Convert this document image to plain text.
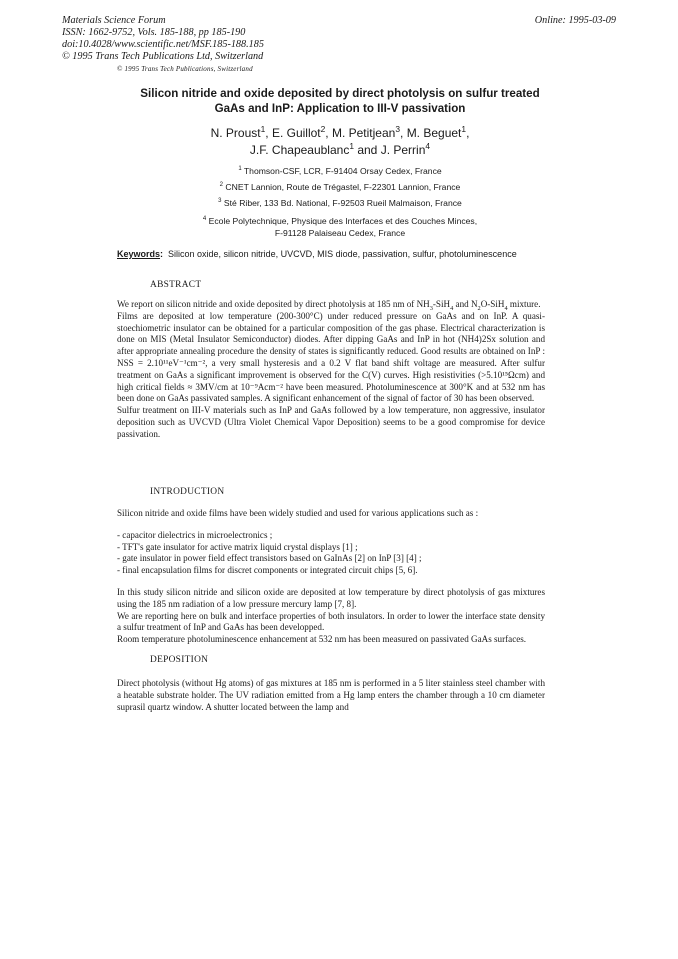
Materials Science Forum
ISSN: 1662-9752, Vols. 185-188, pp 185-190
doi:10.4028/www.scientific.net/MSF.185-188.185
© 1995 Trans Tech Publications Ltd, Switzerland
© 1995 Trans Tech Publications, Switzerland
Online: 1995-03-09
Silicon nitride and oxide deposited by direct photolysis on sulfur treated
GaAs and InP: Application to III-V passivation
N. Proust$^1$, E. Guillot$^2$, M. Petitjean$^3$, M. Beguet$^1$,
J.F. Chapeaublanc$^1$ and J. Perrin$^4$
$^1$ Thomson-CSF, LCR, F-91404 Orsay Cedex, France
$^2$ CNET Lannion, Route de Trégastel, F-22301 Lannion, France
$^3$ Sté Riber, 133 Bd. National, F-92503 Rueil Malmaison, France
$^4$ Ecole Polytechnique, Physique des Interfaces et des Couches Minces,
F-91128 Palaiseau Cedex, France
Keywords: Silicon oxide, silicon nitride, UVCVD, MIS diode, passivation, sulfur, photoluminescence
ABSTRACT

We report on silicon nitride and oxide deposited by direct photolysis at 185 nm of $NH_3-SiH_4$ and $N_2O-SiH_4$ mixture.

Films are deposited at low temperature (200-300°C) under reduced pressure on GaAs and on InP. A quasi-stoechiometric insulator can be obtained for a particular composition of the gas phase. Electrical characterization is done on MIS (Metal Insulator Semiconductor) diodes. After dipping GaAs and InP in hot (NH4)2Sx solution and after appropriate annealing procedure the density of states is significantly reduced. Good results are obtained on InP : NSS = 2.10¹¹eV⁻¹cm⁻², a very small hysteresis and a 0.2 V flat band shift voltage are measured. After sulfur treatment on GaAs a significant improvement is observed for the C(V) curves. High resistivities (>5.10¹⁵Ωcm) and high critical fields ≈ 3MV/cm at 10⁻⁹Acm⁻² have been measured. Photoluminescence at 300°K and at 532 nm has been done on GaAs passivated samples. A significant enhancement of the signal of factor of 30 has been observed.

Sulfur treatment on III-V materials such as InP and GaAs followed by a low temperature, non aggressive, insulator deposition such as UVCVD (Ultra Violet Chemical Vapor Deposition) seems to be a good compromise for device passivation.

INTRODUCTION

Silicon nitride and oxide films have been widely studied and used for various applications such as :

- capacitor dielectrics in microelectronics ;
- TFT's gate insulator for active matrix liquid crystal displays [1] ;
- gate insulator in power field effect transistors based on GaInAs [2] on InP [3] [4] ;
- final encapsulation films for discret components or integrated circuit chips [5, 6].

In this study silicon nitride and silicon oxide are deposited at low temperature by direct photolysis of gas mixtures using the 185 nm radiation of a low pressure mercury lamp [7, 8].

We are reporting here on bulk and interface properties of both insulators. In order to lower the interface state density a sulfur treatment of InP and GaAs has been developped.

Room temperature photoluminescence enhancement at 532 nm has been measured on passivated GaAs surfaces.

DEPOSITION

Direct photolysis (without Hg atoms) of gas mixtures at 185 nm is performed in a 5 liter stainless steel chamber with a heatable substrate holder. The UV radiation emitted from a Hg lamp enters the chamber through a 10 cm diameter suprasil quartz window. A shutter located between the lamp and
